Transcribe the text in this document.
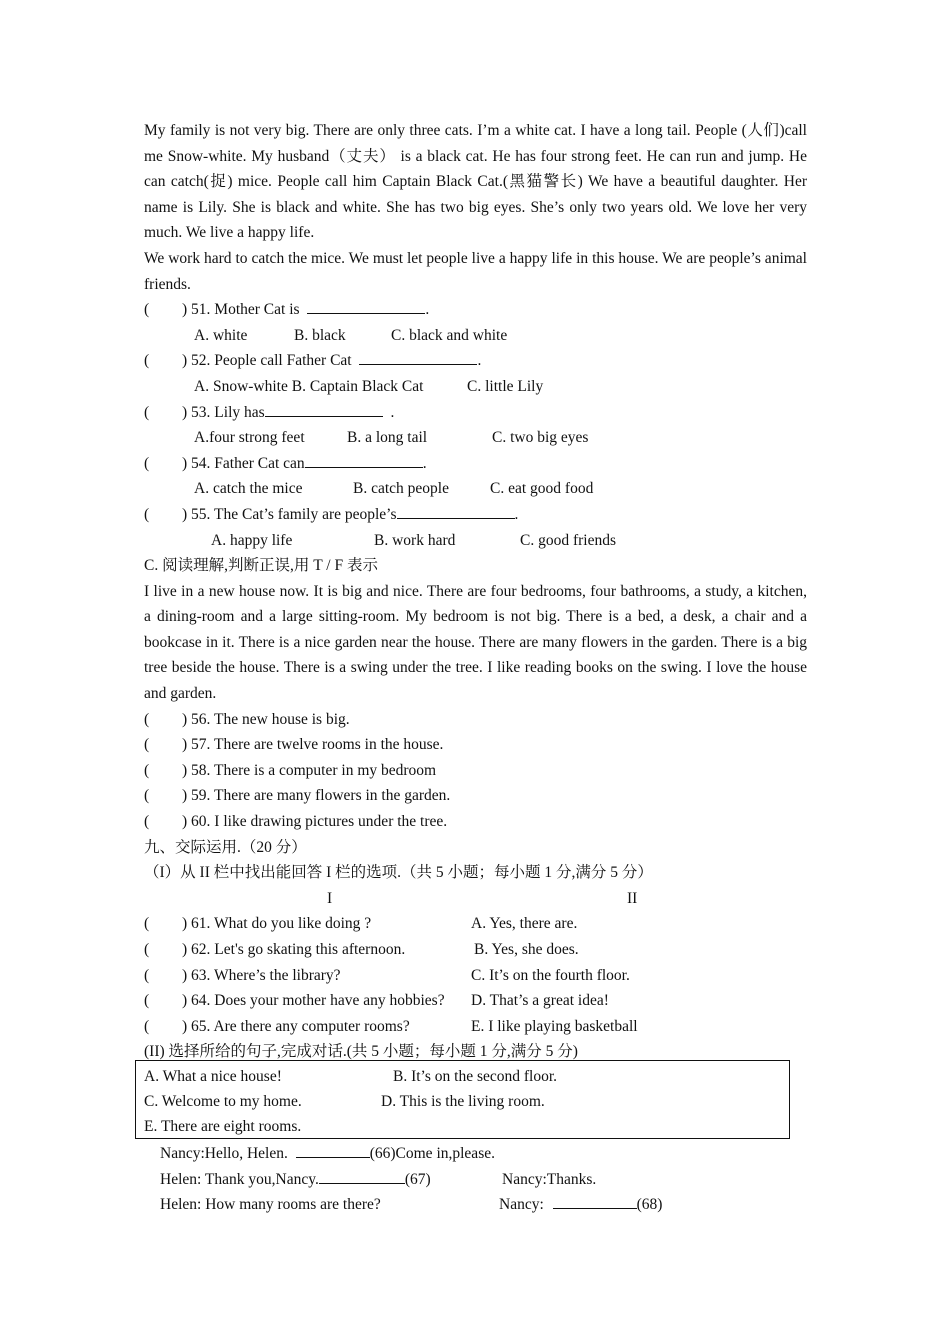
My family is not very big. There are only three cats. I’m a white cat. I have a long tail. People (人们)call me Snow-white. My husband（丈夫） is a black cat. He has four strong feet. He can run and jump. He can catch(捉) mice. People call him Captain Black Cat.(黑猫警长) We have a beautiful daughter. Her name is Lily. She is black and white. She has two big eyes. She’s only two years old. We love her very much. We live a happy life.

We work hard to catch the mice. We must let people live a happy life in this house. We are people’s animal friends.

( ) 51. Mother Cat is	.
A. white	B. black	C. black and white
( ) 52. People call Father Cat	.
A. Snow-white B. Captain Black Cat	C. little Lily
( ) 53. Lily has	.
A.four strong feet	B. a long tail	C. two big eyes
( ) 54. Father Cat can	.
A. catch the mice	B. catch people	C. eat good food
( ) 55. The Cat’s family are people’s	.
A. happy life	B. work hard	C. good friends
C. 阅读理解,判断正误,用 T / F 表示

I live in a new house now. It is big and nice. There are four bedrooms, four bathrooms, a study, a kitchen, a dining-room and a large sitting-room. My bedroom is not big. There is a bed, a desk, a chair and a bookcase in it. There is a nice garden near the house. There are many flowers in the garden. There is a big tree beside the house. There is a swing under the tree. I like reading books on the swing. I love the house and garden.

( ) 56. The new house is big.
( ) 57. There are twelve rooms in the house.
( ) 58. There is a computer in my bedroom
( ) 59. There are many flowers in the garden.
( ) 60. I like drawing pictures under the tree.
九、交际运用.（20 分）
（I）从 II 栏中找出能回答 I 栏的选项.（共 5 小题；每小题 1 分,满分 5 分）
I	II
( ) 61. What do you like doing ?	A. Yes, there are.
( ) 62. Let's go skating this afternoon.	B. Yes, she does.
( ) 63. Where’s the library?	C. It’s on the fourth floor.
( ) 64. Does your mother have any hobbies? D. That’s a great idea!
( ) 65. Are there any computer rooms?	E. I like playing basketball
(II) 选择所给的句子,完成对话.(共 5 小题；每小题 1 分,满分 5 分)
A. What a nice house!	B. It’s on the second floor.
C. Welcome to my home.	D. This is the living room.
E. There are eight rooms.
Nancy:Hello, Helen.	(66)Come in,please.
Helen: Thank you,Nancy.	(67)	Nancy:Thanks.
Helen: How many rooms are there?	Nancy:	(68)
